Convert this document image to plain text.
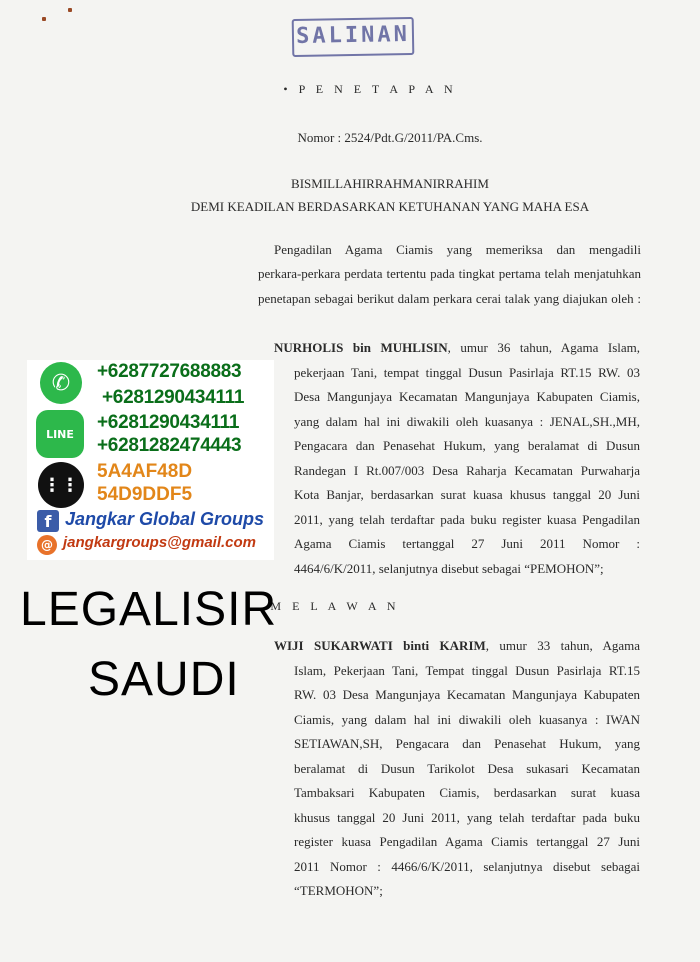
SALINAN
• P E N E T A P A N
Nomor : 2524/Pdt.G/2011/PA.Cms.
BISMILLAHIRRAHMANIRRAHIM
DEMI KEADILAN BERDASARKAN KETUHANAN YANG MAHA ESA
Pengadilan Agama Ciamis yang memeriksa dan mengadili
perkara-perkara perdata tertentu pada tingkat pertama telah menjatuhkan
penetapan sebagai berikut dalam perkara cerai talak yang diajukan oleh :
NURHOLIS bin MUHLISIN, umur 36 tahun, Agama Islam,
pekerjaan Tani, tempat tinggal Dusun Pasirlaja RT.15 RW. 03
Desa Mangunjaya Kecamatan Mangunjaya Kabupaten Ciamis,
yang dalam hal ini diwakili oleh kuasanya : JENAL,SH.,MH,
Pengacara dan Penasehat Hukum, yang beralamat di Dusun
Randegan I Rt.007/003 Desa Raharja Kecamatan Purwaharja
Kota Banjar, berdasarkan surat kuasa khusus tanggal 20 Juni
2011, yang telah terdaftar pada buku register kuasa Pengadilan
Agama Ciamis tertanggal 27 Juni 2011 Nomor :
4464/6/K/2011, selanjutnya disebut sebagai “PEMOHON”;
M E L A W A N
WIJI SUKARWATI binti KARIM, umur 33 tahun, Agama
Islam, Pekerjaan Tani, Tempat tinggal Dusun Pasirlaja RT.15
RW. 03 Desa Mangunjaya Kecamatan Mangunjaya Kabupaten
Ciamis, yang dalam hal ini diwakili oleh kuasanya : IWAN
SETIAWAN,SH, Pengacara dan Penasehat Hukum, yang
beralamat di Dusun Tarikolot Desa sukasari Kecamatan
Tambaksari Kabupaten Ciamis, berdasarkan surat kuasa
khusus tanggal 20 Juni 2011, yang telah terdaftar pada buku
register kuasa Pengadilan Agama Ciamis tertanggal 27 Juni
2011 Nomor : 4466/6/K/2011, selanjutnya disebut sebagai
“TERMOHON”;
✆
LINE
⋮⋮
f
@
+6287727688883
+6281290434111
+6281290434111
+6281282474443
5A4AF48D
54D9DDF5
Jangkar Global Groups
jangkargroups@gmail.com
LEGALISIR
SAUDI
